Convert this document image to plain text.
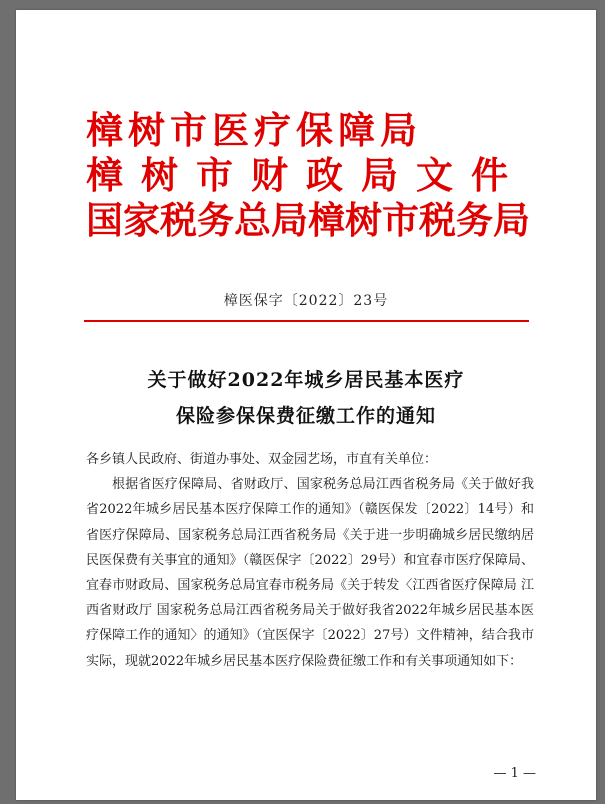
樟树市医疗保障局
樟树市财政局文件
国家税务总局樟树市税务局
樟医保字〔2022〕23号
关于做好2022年城乡居民基本医疗
保险参保保费征缴工作的通知

各乡镇人民政府、街道办事处、双金园艺场，市直有关单位：

根据省医疗保障局、省财政厅、国家税务总局江西省税务局《关于做好我省2022年城乡居民基本医疗保障工作的通知》（赣医保发〔2022〕14号）和省医疗保障局、国家税务总局江西省税务局《关于进一步明确城乡居民缴纳居民医保费有关事宜的通知》（赣医保字〔2022〕29号）和宜春市医疗保障局、宜春市财政局、国家税务总局宜春市税务局《关于转发〈江西省医疗保障局 江西省财政厅 国家税务总局江西省税务局关于做好我省2022年城乡居民基本医疗保障工作的通知〉的通知》（宜医保字〔2022〕27号）文件精神，结合我市实际，现就2022年城乡居民基本医疗保险费征缴工作和有关事项通知如下：

— 1 —
